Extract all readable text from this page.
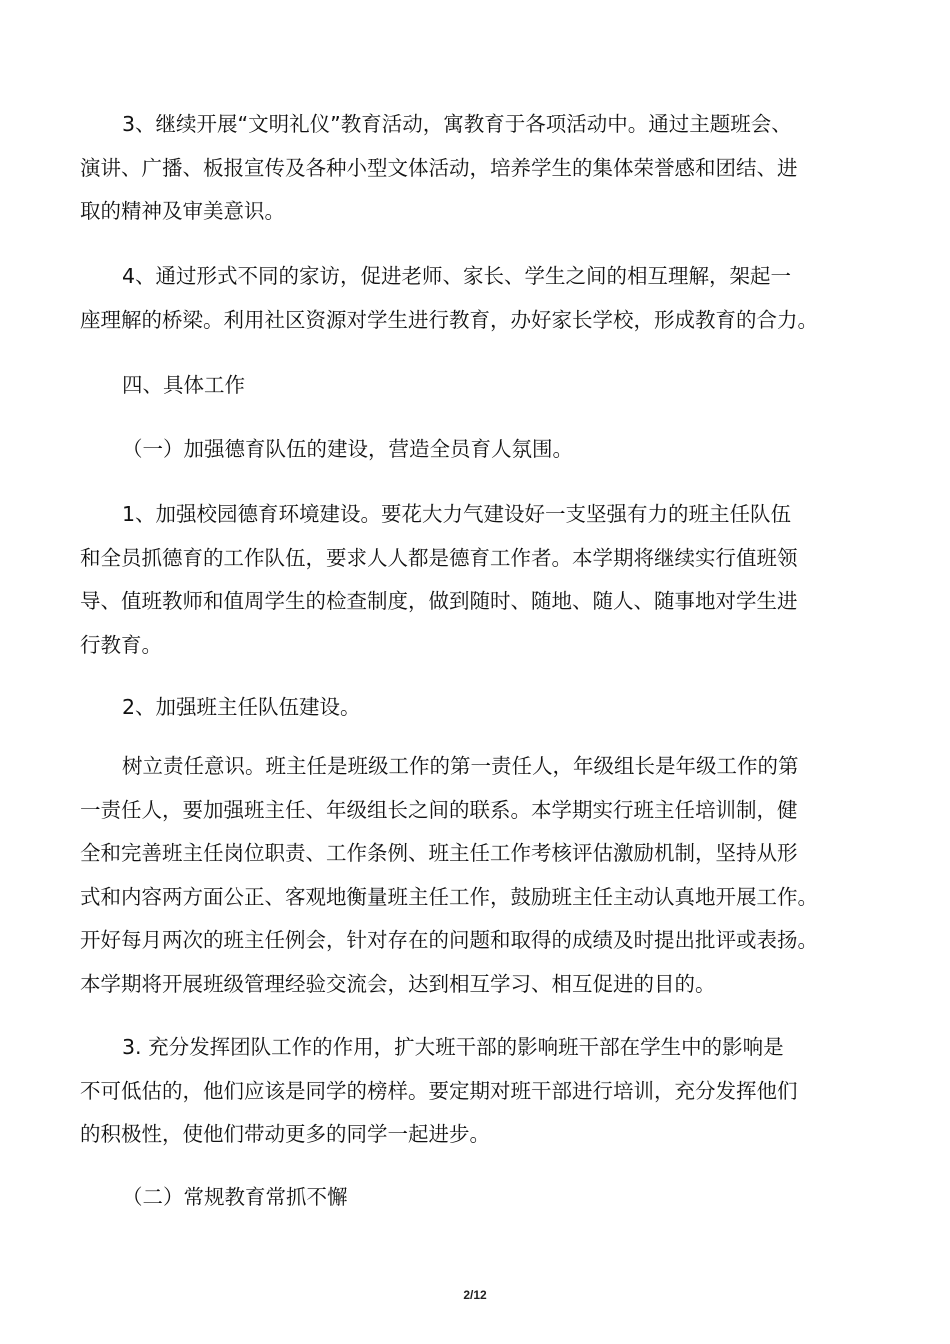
3、继续开展“文明礼仪”教育活动，寓教育于各项活动中。通过主题班会、
演讲、广播、板报宣传及各种小型文体活动，培养学生的集体荣誉感和团结、进
取的精神及审美意识。

4、通过形式不同的家访，促进老师、家长、学生之间的相互理解，架起一
座理解的桥梁。利用社区资源对学生进行教育，办好家长学校，形成教育的合力。

四、具体工作

（一）加强德育队伍的建设，营造全员育人氛围。

1、加强校园德育环境建设。要花大力气建设好一支坚强有力的班主任队伍
和全员抓德育的工作队伍，要求人人都是德育工作者。本学期将继续实行值班领
导、值班教师和值周学生的检查制度，做到随时、随地、随人、随事地对学生进
行教育。

2、加强班主任队伍建设。

树立责任意识。班主任是班级工作的第一责任人，年级组长是年级工作的第
一责任人，要加强班主任、年级组长之间的联系。本学期实行班主任培训制，健
全和完善班主任岗位职责、工作条例、班主任工作考核评估激励机制，坚持从形
式和内容两方面公正、客观地衡量班主任工作，鼓励班主任主动认真地开展工作。
开好每月两次的班主任例会，针对存在的问题和取得的成绩及时提出批评或表扬。
本学期将开展班级管理经验交流会，达到相互学习、相互促进的目的。

3. 充分发挥团队工作的作用，扩大班干部的影响班干部在学生中的影响是
不可低估的，他们应该是同学的榜样。要定期对班干部进行培训，充分发挥他们
的积极性，使他们带动更多的同学一起进步。

（二）常规教育常抓不懈

2/12
